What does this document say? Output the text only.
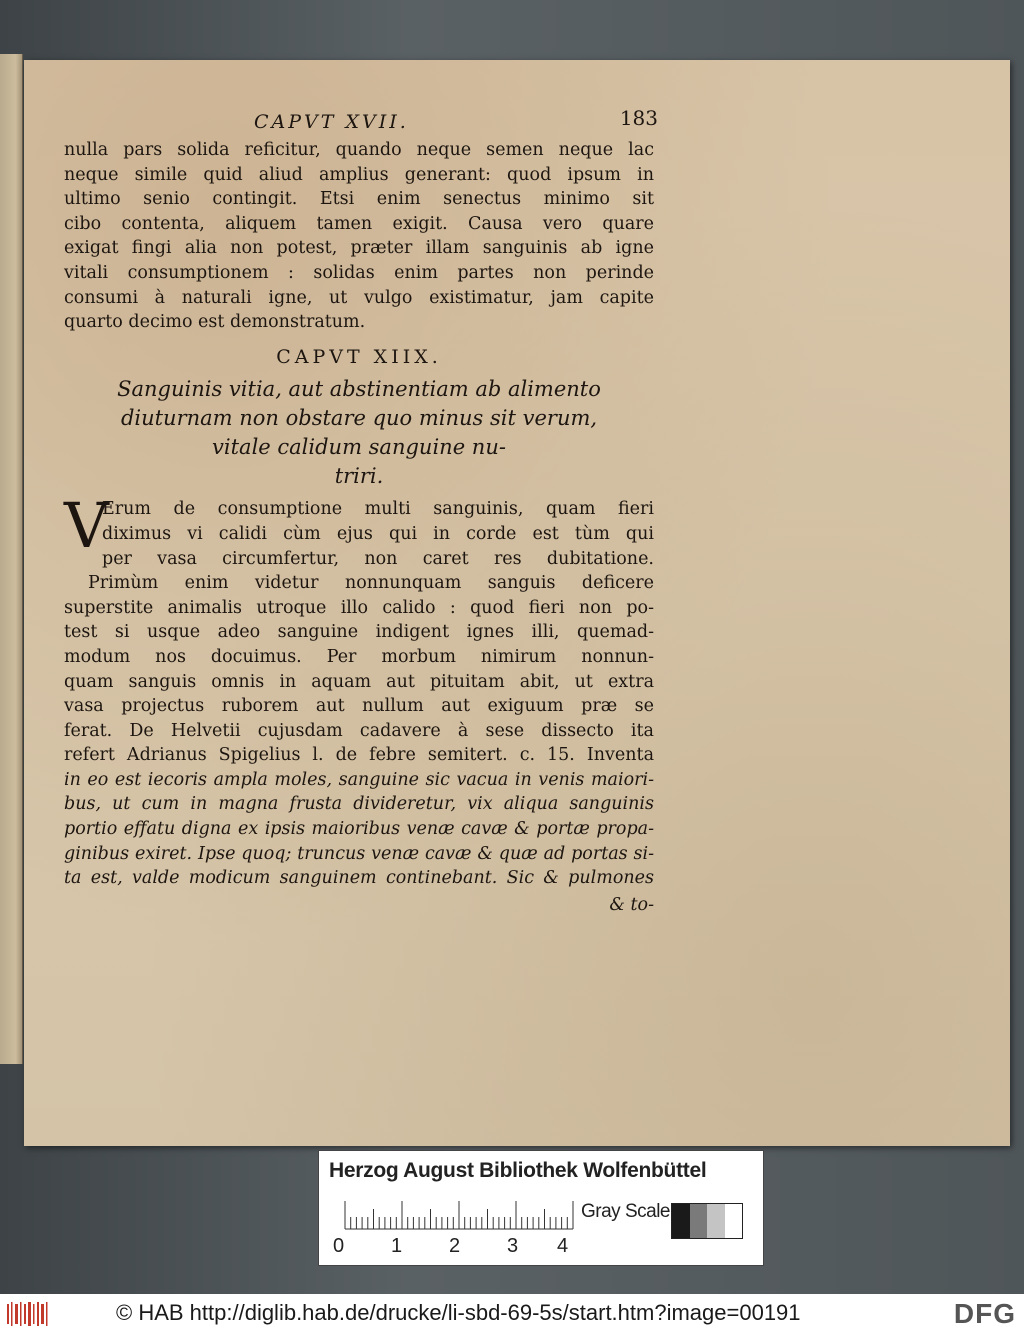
CAPVT XVII.	183
nulla pars solida reficitur, quando neque semen neque lac
neque simile quid aliud amplius generant: quod ipsum in
ultimo senio contingit. Etsi enim senectus minimo sit
cibo contenta, aliquem tamen exigit. Causa vero quare
exigat fingi alia non potest, præter illam sanguinis ab igne
vitali consumptionem : solidas enim partes non perinde
consumi à naturali igne, ut vulgo existimatur, jam capite
quarto decimo est demonstratum.
CAPVT XIIX.
Sanguinis vitia, aut abstinentiam ab alimento
diuturnam non obstare quo minus sit verum,
vitale calidum sanguine nu-
triri.
V
Erum de consumptione multi sanguinis, quam fieri
diximus vi calidi cùm ejus qui in corde est tùm qui
per vasa circumfertur, non caret res dubitatione.
Primùm enim videtur nonnunquam sanguis deficere
superstite animalis utroque illo calido : quod fieri non po-
test si usque adeo sanguine indigent ignes illi, quemad-
modum nos docuimus. Per morbum nimirum nonnun-
quam sanguis omnis in aquam aut pituitam abit, ut extra
vasa projectus ruborem aut nullum aut exiguum præ se
ferat. De Helvetii cujusdam cadavere à sese dissecto ita
refert Adrianus Spigelius l. de febre semitert. c. 15. Inventa
in eo est iecoris ampla moles, sanguine sic vacua in venis maiori-
bus, ut cum in magna frusta divideretur, vix aliqua sanguinis
portio effatu digna ex ipsis maioribus venæ cavæ & portæ propa-
ginibus exiret. Ipse quoq; truncus venæ cavæ & quæ ad portas si-
ta est, valde modicum sanguinem continebant. Sic & pulmones
& to-
Herzog August Bibliothek Wolfenbüttel
0 1 2 3 4
Gray Scale
© HAB http://diglib.hab.de/drucke/li-sbd-69-5s/start.htm?image=00191	DFG
